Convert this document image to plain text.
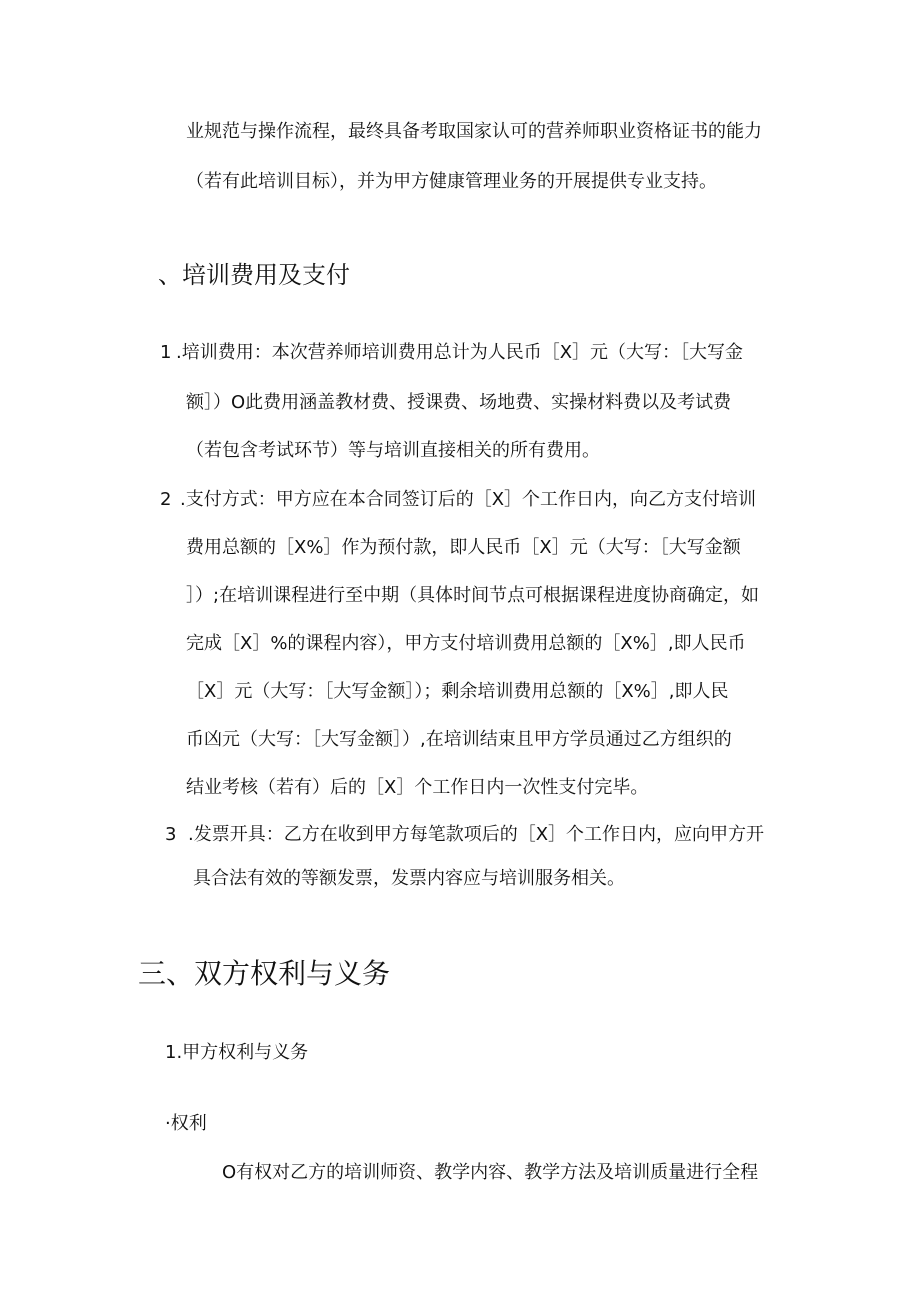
业规范与操作流程，最终具备考取国家认可的营养师职业资格证书的能力
（若有此培训目标），并为甲方健康管理业务的开展提供专业支持。
、培训费用及支付
1 .培训费用：本次营养师培训费用总计为人民币［X］元（大写：［大写金
额］）O此费用涵盖教材费、授课费、场地费、实操材料费以及考试费
（若包含考试环节）等与培训直接相关的所有费用。
2 .支付方式：甲方应在本合同签订后的［X］个工作日内，向乙方支付培训
费用总额的［X%］作为预付款，即人民币［X］元（大写：［大写金额
］）;在培训课程进行至中期（具体时间节点可根据课程进度协商确定，如
完成［X］%的课程内容），甲方支付培训费用总额的［X%］,即人民币
［X］元（大写：［大写金额］）；剩余培训费用总额的［X%］,即人民
币凶元（大写：［大写金额］）,在培训结束且甲方学员通过乙方组织的
结业考核（若有）后的［X］个工作日内一次性支付完毕。
3 .发票开具：乙方在收到甲方每笔款项后的［X］个工作日内，应向甲方开
具合法有效的等额发票，发票内容应与培训服务相关。
三、双方权利与义务
1.甲方权利与义务
·权利
O有权对乙方的培训师资、教学内容、教学方法及培训质量进行全程
